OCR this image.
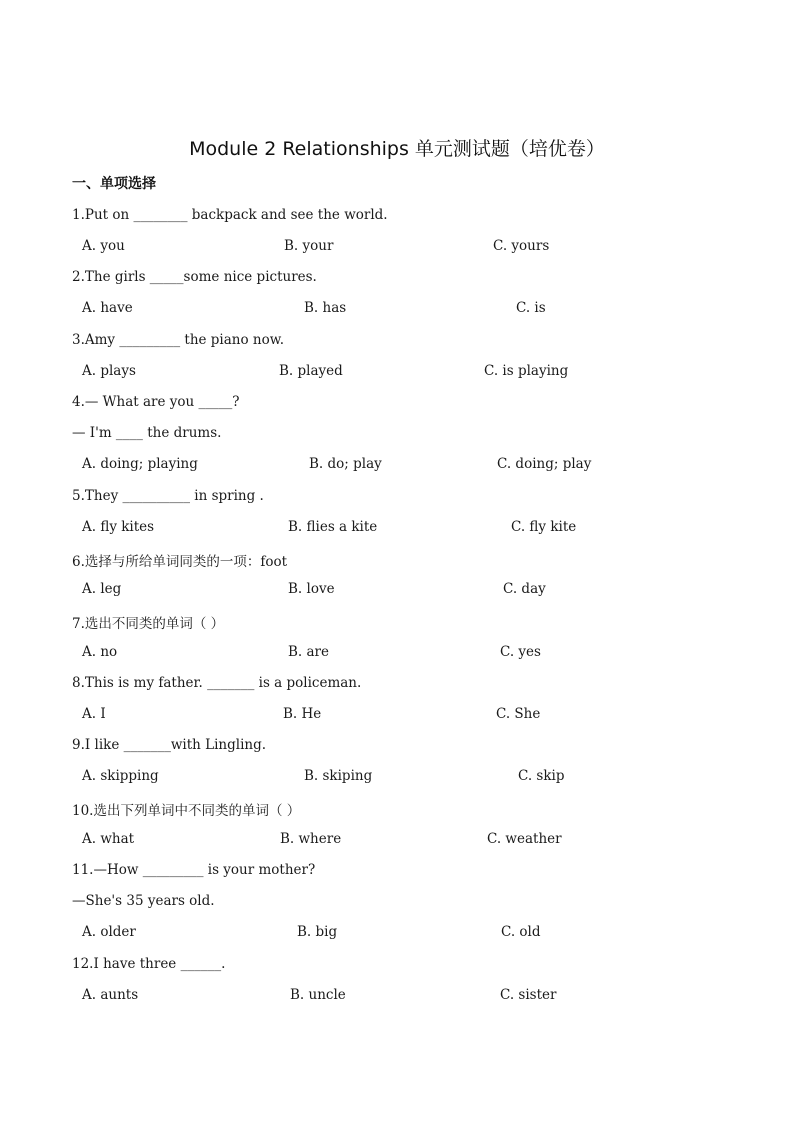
Module 2 Relationships 单元测试题（培优卷）
一、单项选择
1.Put on ________ backpack and see the world.
A. you	B. your	C. yours
2.The girls _____some nice pictures.
A. have	B. has	C. is
3.Amy _________ the piano now.
A. plays	B. played	C. is playing
4.— What are you _____?
— I'm ____ the drums.
A. doing; playing	B. do; play	C. doing; play
5.They __________ in spring .
A. fly kites	B. flies a kite	C. fly kite
6.选择与所给单词同类的一项：foot
A. leg	B. love	C. day
7.选出不同类的单词（ ）
A. no	B. are	C. yes
8.This is my father. _______ is a policeman.
A. I	B. He	C. She
9.I like _______with Lingling.
A. skipping	B. skiping	C. skip
10.选出下列单词中不同类的单词（ ）
A. what	B. where	C. weather
11.—How _________ is your mother?
—She's 35 years old.
A. older	B. big	C. old
12.I have three ______.
A. aunts	B. uncle	C. sister
